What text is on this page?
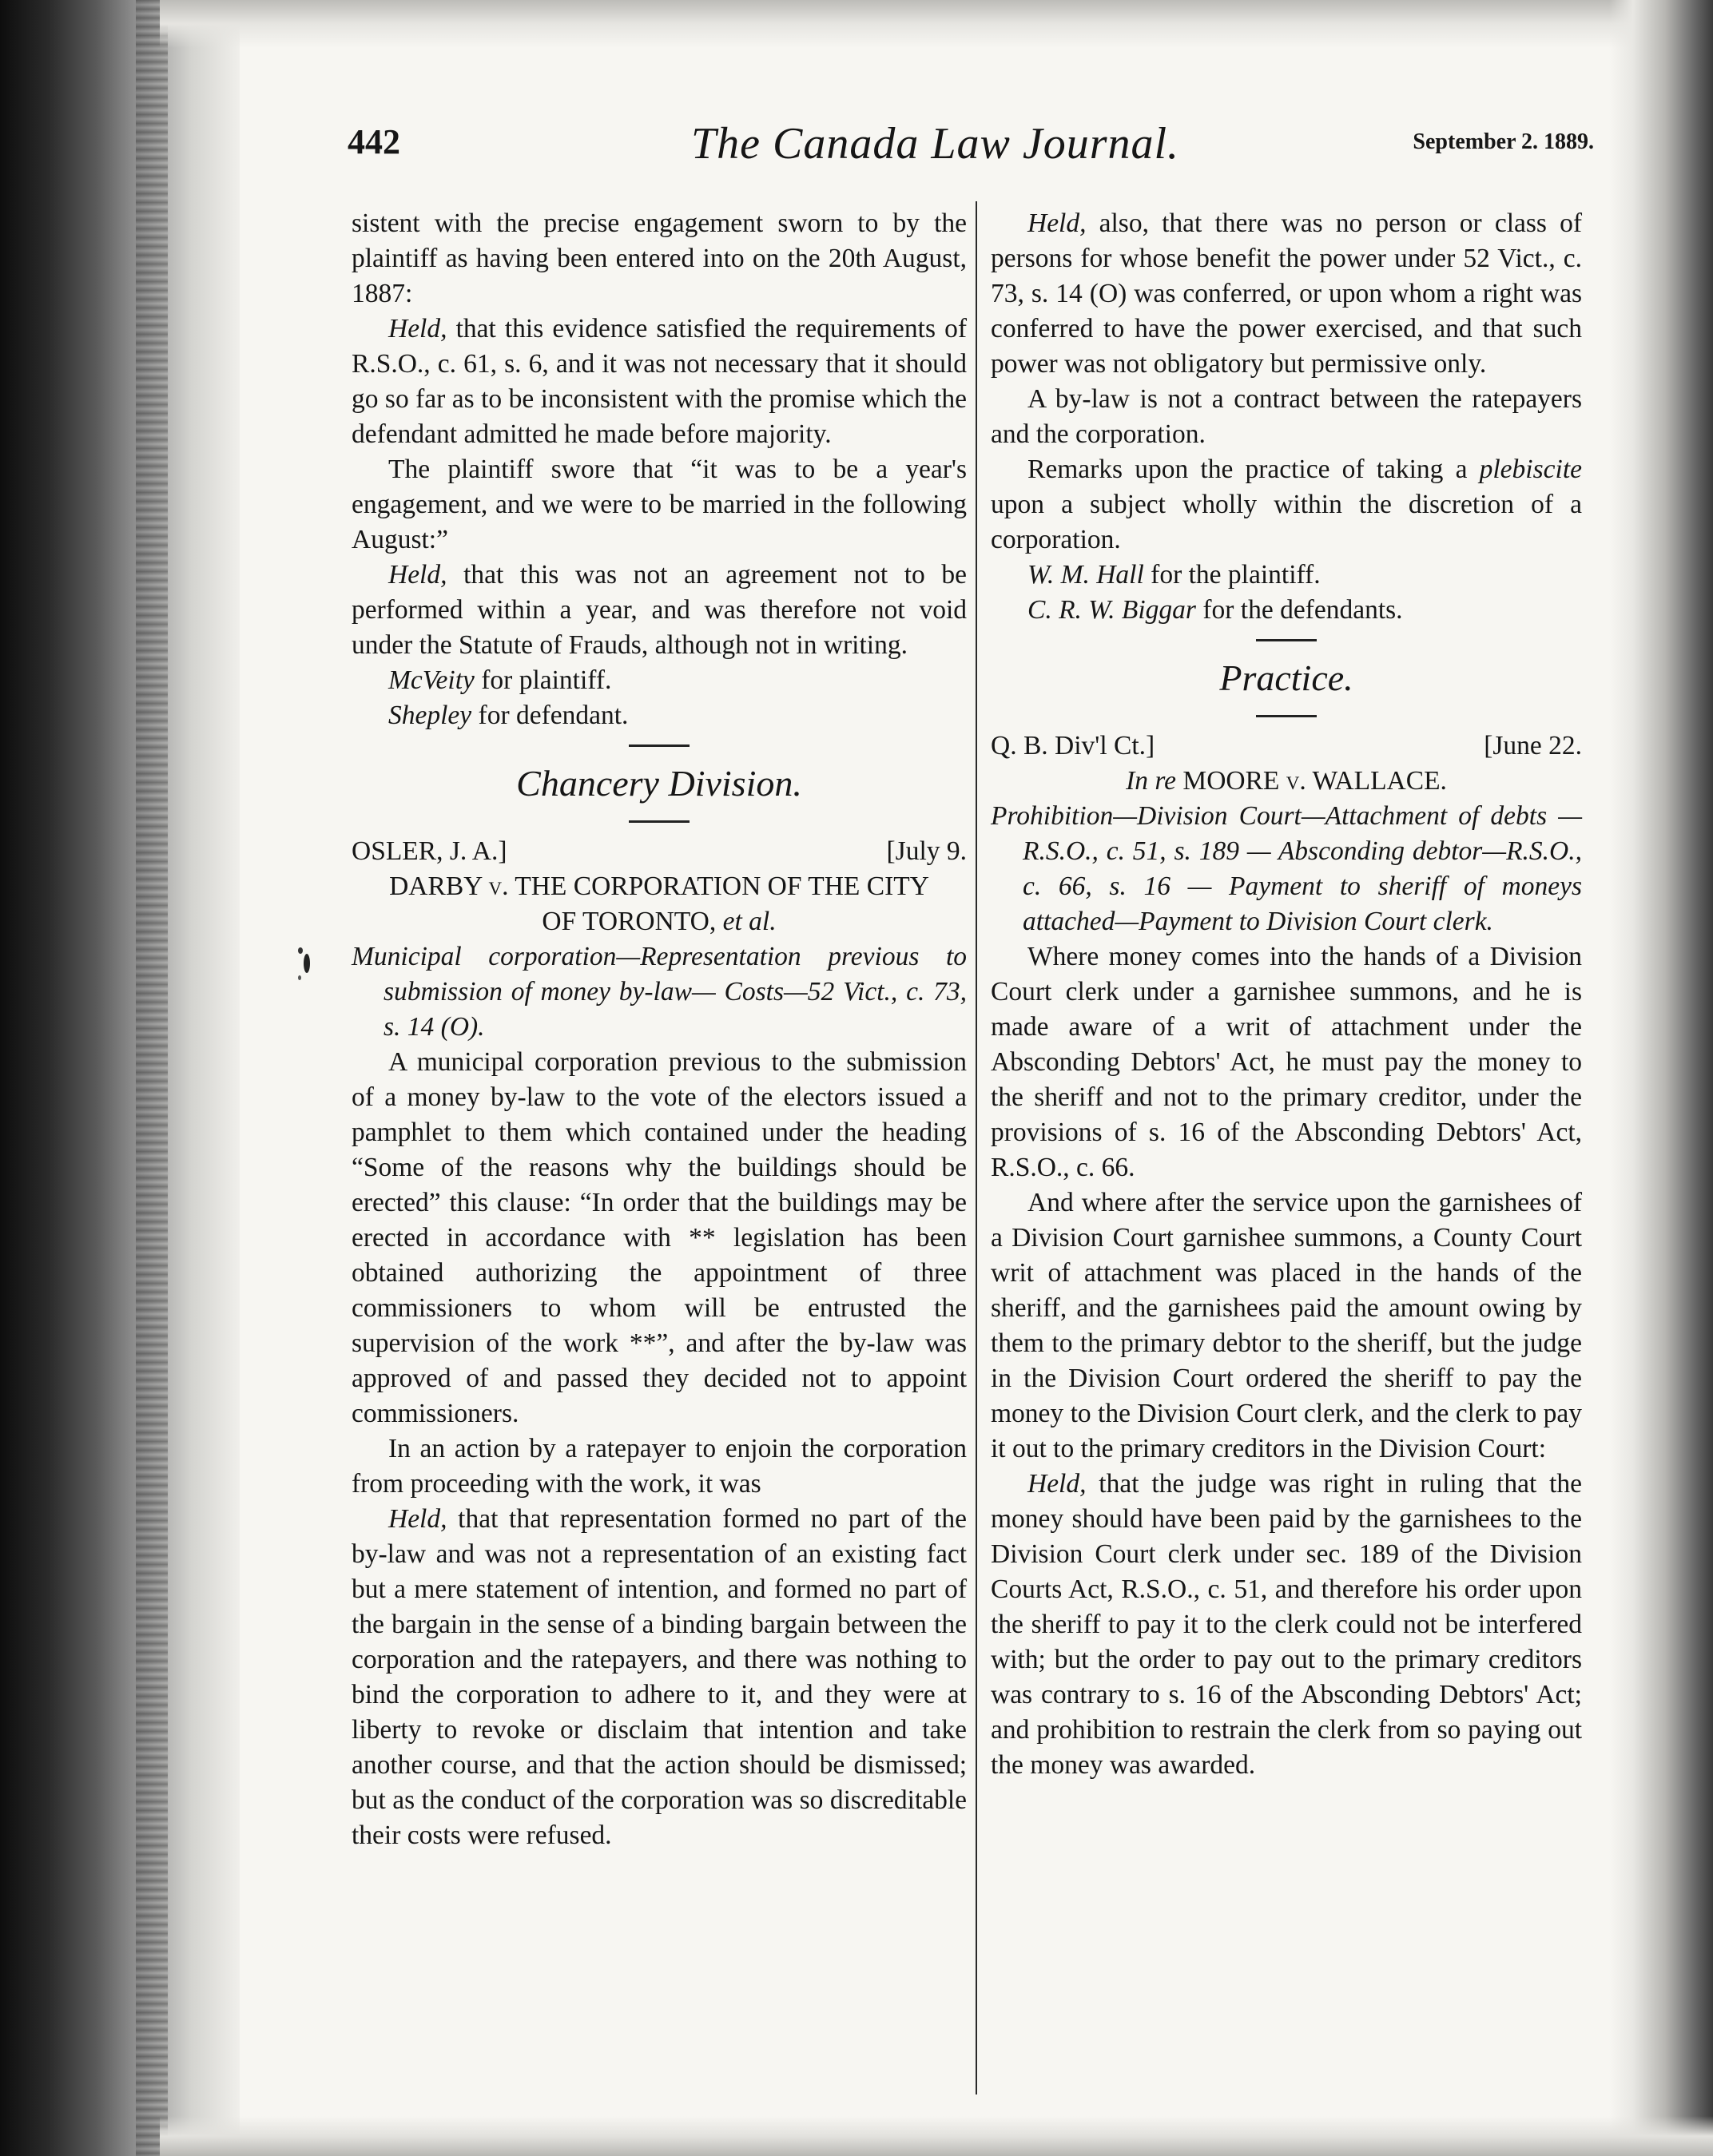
442	The Canada Law Journal.	September 2. 1889.

sistent with the precise engagement sworn to by the plaintiff as having been entered into on the 20th August, 1887:

Held, that this evidence satisfied the requirements of R.S.O., c. 61, s. 6, and it was not necessary that it should go so far as to be inconsistent with the promise which the defendant admitted he made before majority.

The plaintiff swore that “it was to be a year's engagement, and we were to be married in the following August:”

Held, that this was not an agreement not to be performed within a year, and was therefore not void under the Statute of Frauds, although not in writing.

McVeity for plaintiff.

Shepley for defendant.

Chancery Division.

OSLER, J. A.]	[July 9.

DARBY v. THE CORPORATION OF THE CITY

OF TORONTO, et al.

Municipal corporation—Representation previous to submission of money by-law— Costs—52 Vict., c. 73, s. 14 (O).

A municipal corporation previous to the submission of a money by-law to the vote of the electors issued a pamphlet to them which contained under the heading “Some of the reasons why the buildings should be erected” this clause: “In order that the buildings may be erected in accordance with ** legislation has been obtained authorizing the appointment of three commissioners to whom will be entrusted the supervision of the work **”, and after the by-law was approved of and passed they decided not to appoint commissioners.

In an action by a ratepayer to enjoin the corporation from proceeding with the work, it was

Held, that that representation formed no part of the by-law and was not a representation of an existing fact but a mere statement of intention, and formed no part of the bargain in the sense of a binding bargain between the corporation and the ratepayers, and there was nothing to bind the corporation to adhere to it, and they were at liberty to revoke or disclaim that intention and take another course, and that the action should be dismissed; but as the conduct of the corporation was so discreditable their costs were refused.

Held, also, that there was no person or class of persons for whose benefit the power under 52 Vict., c. 73, s. 14 (O) was conferred, or upon whom a right was conferred to have the power exercised, and that such power was not obligatory but permissive only.

A by-law is not a contract between the ratepayers and the corporation.

Remarks upon the practice of taking a plebiscite upon a subject wholly within the discretion of a corporation.

W. M. Hall for the plaintiff.

C. R. W. Biggar for the defendants.

Practice.

Q. B. Div'l Ct.]	[June 22.

In re MOORE v. WALLACE.

Prohibition—Division Court—Attachment of debts — R.S.O., c. 51, s. 189 — Absconding debtor—R.S.O., c. 66, s. 16 — Payment to sheriff of moneys attached—Payment to Division Court clerk.

Where money comes into the hands of a Division Court clerk under a garnishee summons, and he is made aware of a writ of attachment under the Absconding Debtors' Act, he must pay the money to the sheriff and not to the primary creditor, under the provisions of s. 16 of the Absconding Debtors' Act, R.S.O., c. 66.

And where after the service upon the garnishees of a Division Court garnishee summons, a County Court writ of attachment was placed in the hands of the sheriff, and the garnishees paid the amount owing by them to the primary debtor to the sheriff, but the judge in the Division Court ordered the sheriff to pay the money to the Division Court clerk, and the clerk to pay it out to the primary creditors in the Division Court:

Held, that the judge was right in ruling that the money should have been paid by the garnishees to the Division Court clerk under sec. 189 of the Division Courts Act, R.S.O., c. 51, and therefore his order upon the sheriff to pay it to the clerk could not be interfered with; but the order to pay out to the primary creditors was contrary to s. 16 of the Absconding Debtors' Act; and prohibition to restrain the clerk from so paying out the money was awarded.
